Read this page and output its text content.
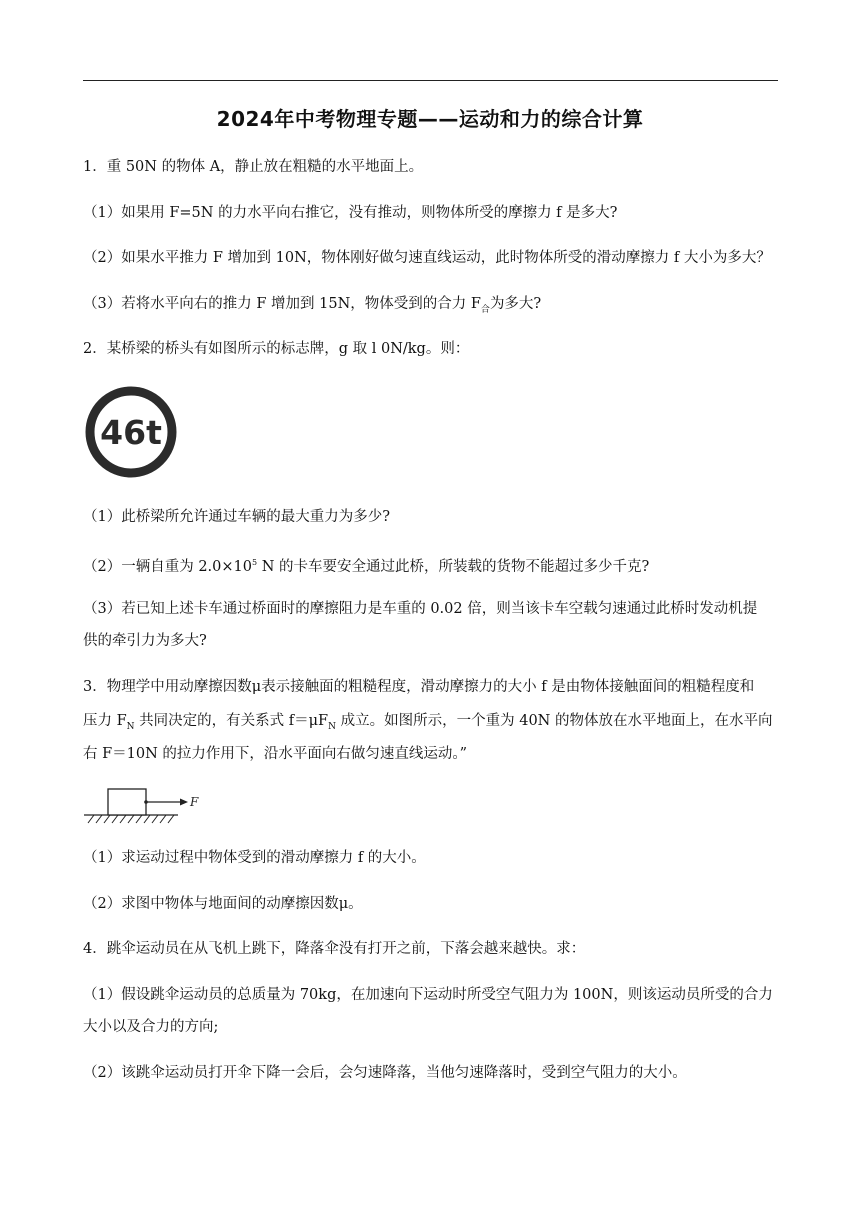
2024年中考物理专题——运动和力的综合计算
1．重 50N 的物体 A，静止放在粗糙的水平地面上。
（1）如果用 F=5N 的力水平向右推它，没有推动，则物体所受的摩擦力 f 是多大?
（2）如果水平推力 F 增加到 10N，物体刚好做匀速直线运动，此时物体所受的滑动摩擦力 f 大小为多大？
（3）若将水平向右的推力 F 增加到 15N，物体受到的合力 $F_合$为多大?
2．某桥梁的桥头有如图所示的标志牌，g 取 l 0N/kg。则：
46t
（1）此桥梁所允许通过车辆的最大重力为多少?
（2）一辆自重为 $2.0\times 10^5$ N 的卡车要安全通过此桥，所装载的货物不能超过多少千克?
（3）若已知上述卡车通过桥面时的摩擦阻力是车重的 0.02 倍，则当该卡车空载匀速通过此桥时发动机提
供的牵引力为多大?
3．物理学中用动摩擦因数μ表示接触面的粗糙程度，滑动摩擦力的大小 f 是由物体接触面间的粗糙程度和
压力 $F_N$ 共同决定的，有关系式 $f=\mu F_N$ 成立。如图所示，一个重为 40N 的物体放在水平地面上，在水平向
右 F＝10N 的拉力作用下，沿水平面向右做匀速直线运动。”
F
（1）求运动过程中物体受到的滑动摩擦力 f 的大小。
（2）求图中物体与地面间的动摩擦因数μ。
4．跳伞运动员在从飞机上跳下，降落伞没有打开之前，下落会越来越快。求：
（1）假设跳伞运动员的总质量为 70kg，在加速向下运动时所受空气阻力为 100N，则该运动员所受的合力
大小以及合力的方向;
（2）该跳伞运动员打开伞下降一会后，会匀速降落，当他匀速降落时，受到空气阻力的大小。
